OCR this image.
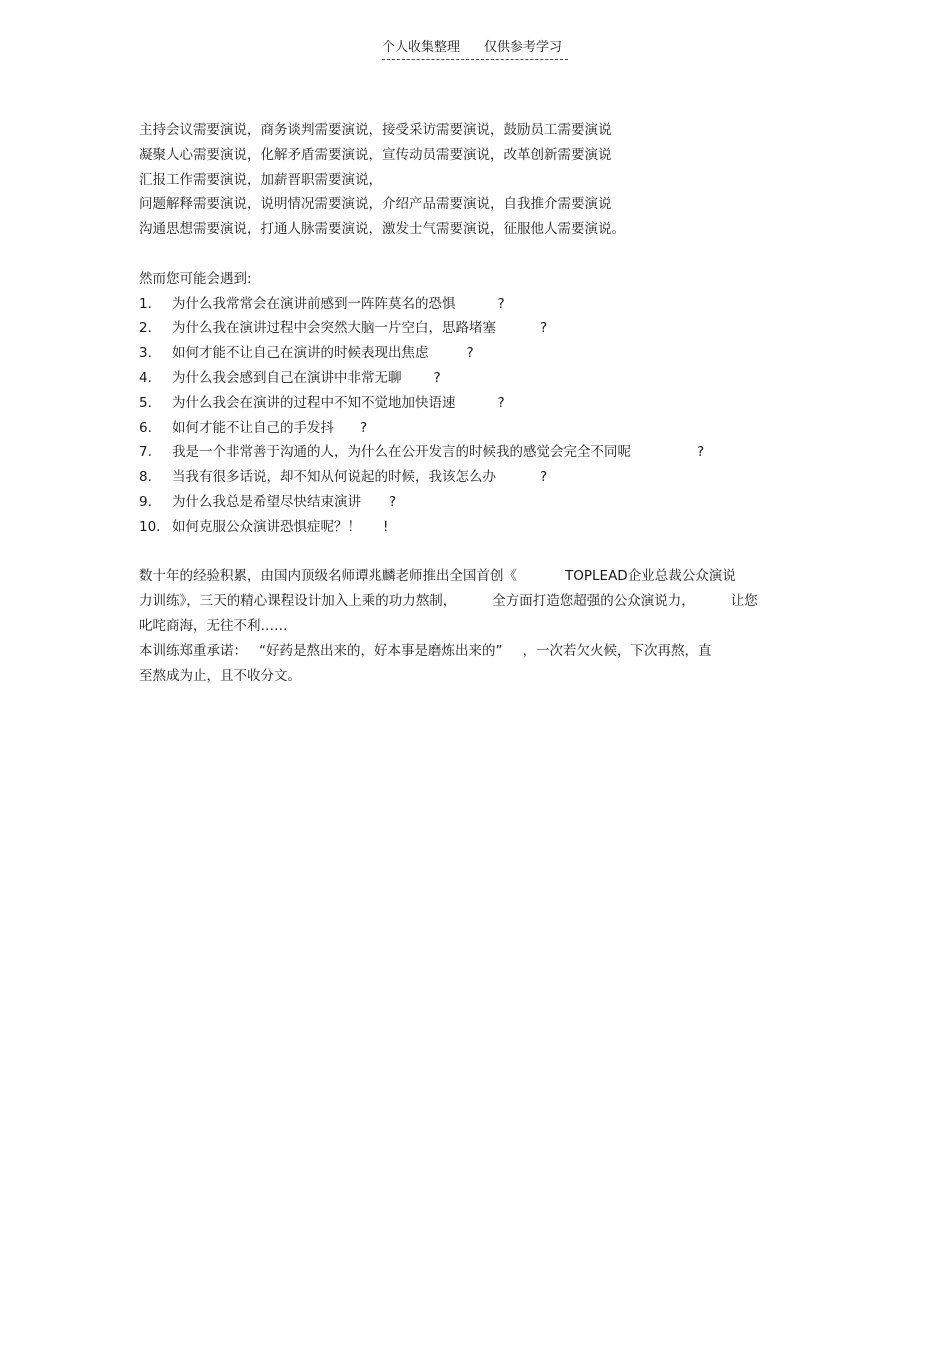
个人收集整理 仅供参考学习
主持会议需要演说，商务谈判需要演说，接受采访需要演说，鼓励员工需要演说
凝聚人心需要演说，化解矛盾需要演说，宣传动员需要演说，改革创新需要演说
汇报工作需要演说，加薪晋职需要演说，
问题解释需要演说，说明情况需要演说，介绍产品需要演说，自我推介需要演说
沟通思想需要演说，打通人脉需要演说，激发士气需要演说，征服他人需要演说。
然而您可能会遇到:
1. 为什么我常常会在演讲前感到一阵阵莫名的恐惧	?
2. 为什么我在演讲过程中会突然大脑一片空白，思路堵塞	?
3. 如何才能不让自己在演讲的时候表现出焦虑	?
4. 为什么我会感到自己在演讲中非常无聊 ?
5. 为什么我会在演讲的过程中不知不觉地加快语速	?
6. 如何才能不让自己的手发抖 ?
7. 我是一个非常善于沟通的人，为什么在公开发言的时候我的感觉会完全不同呢	?
8. 当我有很多话说，却不知从何说起的时候，我该怎么办	?
9. 为什么我总是希望尽快结束演讲 ?
10. 如何克服公众演讲恐惧症呢？！ !
数十年的经验积累，由国内顶级名师谭兆麟老师推出全国首创《	TOPLEAD企业总裁公众演说
力训练》，三天的精心课程设计加入上乘的功力熬制，	全方面打造您超强的公众演说力，	让您
叱咤商海，无往不利……
本训练郑重承诺： “好药是熬出来的，好本事是磨炼出来的” ，一次若欠火候，下次再熬，直
至熬成为止，且不收分文。
